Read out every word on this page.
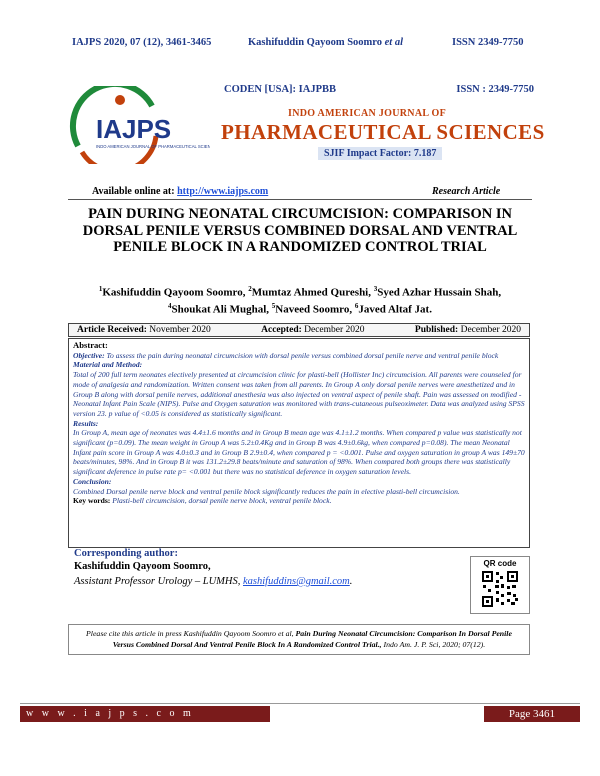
IAJPS 2020, 07 (12), 3461-3465	Kashifuddin Qayoom Soomro et al	ISSN 2349-7750
IAJPS
INDO AMERICAN JOURNAL OF PHARMACEUTICAL SCIENCES
CODEN [USA]: IAJPBB	ISSN : 2349-7750
INDO AMERICAN JOURNAL OF
PHARMACEUTICAL SCIENCES
SJIF Impact Factor: 7.187
Available online at: http://www.iajps.com	Research Article
PAIN DURING NEONATAL CIRCUMCISION: COMPARISON IN DORSAL PENILE VERSUS COMBINED DORSAL AND VENTRAL PENILE BLOCK IN A RANDOMIZED CONTROL TRIAL
$^1$Kashifuddin Qayoom Soomro, $^2$Mumtaz Ahmed Qureshi, $^3$Syed Azhar Hussain Shah,
$^4$Shoukat Ali Mughal, $^5$Naveed Soomro, $^6$Javed Altaf Jat.
Article Received: November 2020	Accepted: December 2020	Published: December 2020
Abstract:
Objective: To assess the pain during neonatal circumcision with dorsal penile versus combined dorsal penile nerve and ventral penile block
Material and Method:
Total of 200 full term neonates electively presented at circumcision clinic for plasti-bell (Hollister Inc) circumcision. All parents were counseled for mode of analgesia and randomization. Written consent was taken from all parents. In Group A only dorsal penile nerves were anesthetized and in Group B along with dorsal penile nerves, additional anesthesia was also injected on ventral aspect of penile shaft. Pain was assessed on modified - Neonatal Infant Pain Scale (NIPS). Pulse and Oxygen saturation was monitored with trans-cutaneous pulseoximeter. Data was analyzed using SPSS version 23. p value of <0.05 is considered as statistically significant.
Results:
In Group A, mean age of neonates was 4.4±1.6 months and in Group B mean age was 4.1±1.2 months. When compared p value was statistically not significant (p=0.09). The mean weight in Group A was 5.2±0.4Kg and in Group B was 4.9±0.6kg, when compared p=0.08). The mean Neonatal Infant pain score in Group A was 4.0±0.3 and in Group B 2.9±0.4, when compared p = <0.001. Pulse and oxygen saturation in group A was 149±70 beats/minutes, 98%. And in Group B it was 131.2±29.8 beats/minute and saturation of 98%. When compared both groups there was statistically significant deference in pulse rate p= <0.001 but there was no statistical deference in oxygen saturation levels.
Conclusion:
Combined Dorsal penile nerve block and ventral penile block significantly reduces the pain in elective plasti-bell circumcision.
Key words: Plasti-bell circumcision, dorsal penile nerve block, ventral penile block.
Corresponding author:
Kashifuddin Qayoom Soomro,
Assistant Professor Urology – LUMHS, kashifuddins@gmail.com.
QR code
Please cite this article in press Kashifuddin Qayoom Soomro et al, Pain During Neonatal Circumcision: Comparison In Dorsal Penile Versus Combined Dorsal And Ventral Penile Block In A Randomized Control Trial., Indo Am. J. P. Sci, 2020; 07(12).
w w w . i a j p s . c o m	Page 3461
